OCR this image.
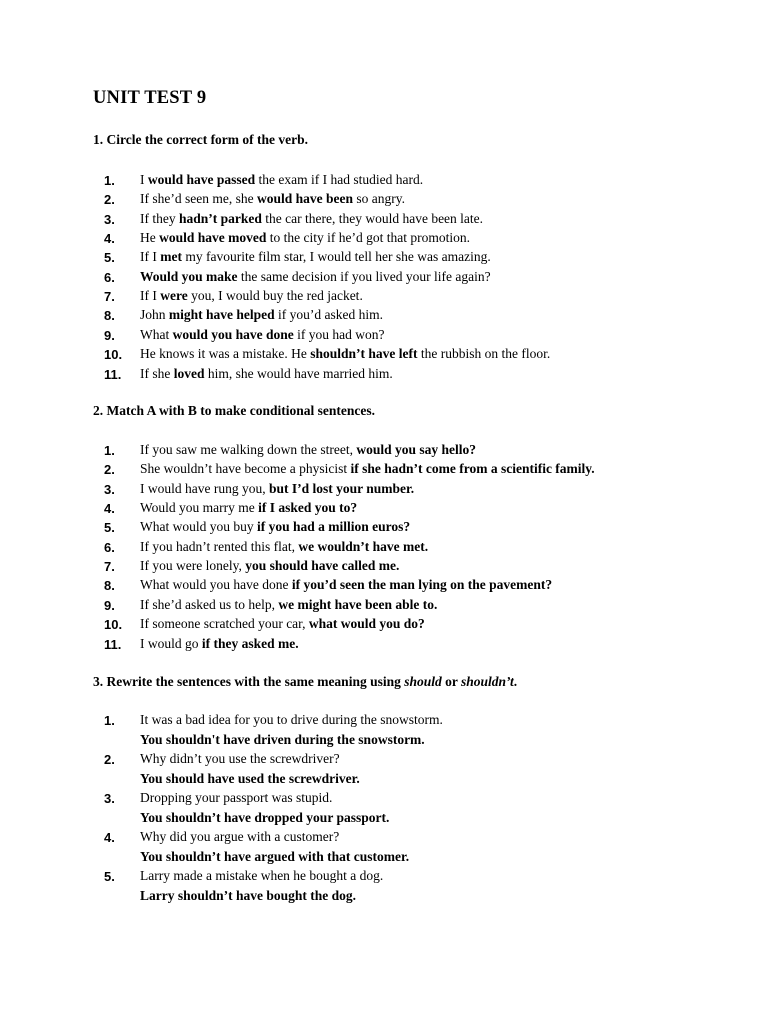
UNIT TEST 9

1. Circle the correct form of the verb.

1.	I would have passed the exam if I had studied hard.
2.	If she’d seen me, she would have been so angry.
3.	If they hadn’t parked the car there, they would have been late.
4.	He would have moved to the city if he’d got that promotion.
5.	If I met my favourite film star, I would tell her she was amazing.
6.	Would you make the same decision if you lived your life again?
7.	If I were you, I would buy the red jacket.
8.	John might have helped if you’d asked him.
9.	What would you have done if you had won?
10.	He knows it was a mistake. He shouldn’t have left the rubbish on the floor.
11.	If she loved him, she would have married him.

2. Match A with B to make conditional sentences.

1.	If you saw me walking down the street, would you say hello?
2.	She wouldn’t have become a physicist if she hadn’t come from a scientific family.
3.	I would have rung you, but I’d lost your number.
4.	Would you marry me if I asked you to?
5.	What would you buy if you had a million euros?
6.	If you hadn’t rented this flat, we wouldn’t have met.
7.	If you were lonely, you should have called me.
8.	What would you have done if you’d seen the man lying on the pavement?
9.	If she’d asked us to help, we might have been able to.
10.	If someone scratched your car, what would you do?
11.	I would go if they asked me.

3. Rewrite the sentences with the same meaning using should or shouldn’t.

1.	It was a bad idea for you to drive during the snowstorm.
You shouldn't have driven during the snowstorm.
2.	Why didn’t you use the screwdriver?
You should have used the screwdriver.
3.	Dropping your passport was stupid.
You shouldn’t have dropped your passport.
4.	Why did you argue with a customer?
You shouldn’t have argued with that customer.
5.	Larry made a mistake when he bought a dog.
Larry shouldn’t have bought the dog.
